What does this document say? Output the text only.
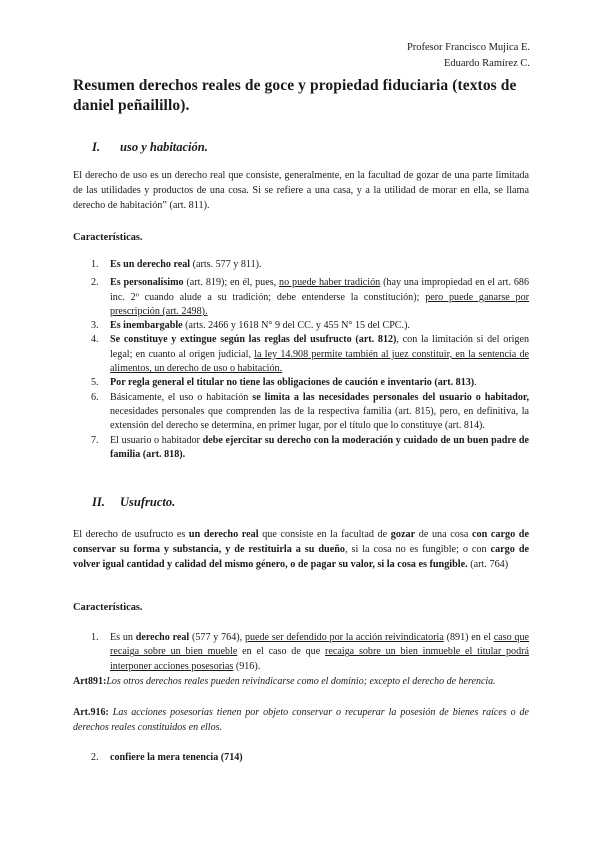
Profesor Francisco Mujica E.
Eduardo Ramírez C.
Resumen derechos reales de goce y propiedad fiduciaria (textos de daniel peñailillo).
I. uso y habitación.

El derecho de uso es un derecho real que consiste, generalmente, en la facultad de gozar de una parte limitada de las utilidades y productos de una cosa. Si se refiere a una casa, y a la utilidad de morar en ella, se llama derecho de habitación” (art. 811).

Características.

1. Es un derecho real (arts. 577 y 811).
2. Es personalísimo (art. 819); en él, pues, no puede haber tradición (hay una impropiedad en el art. 686 inc. 2º cuando alude a su tradición; debe entenderse la constitución); pero puede ganarse por prescripción (art. 2498).
3. Es inembargable (arts. 2466 y 1618 N° 9 del CC. y 455 N° 15 del CPC.).
4. Se constituye y extingue según las reglas del usufructo (art. 812), con la limitación si del origen legal; en cuanto al origen judicial, la ley 14.908 permite también al juez constituir, en la sentencia de alimentos, un derecho de uso o habitación.
5. Por regla general el titular no tiene las obligaciones de caución e inventario (art. 813).
6. Básicamente, el uso o habitación se limita a las necesidades personales del usuario o habitador, necesidades personales que comprenden las de la respectiva familia (art. 815), pero, en definitiva, la extensión del derecho se determina, en primer lugar, por el título que lo constituye (art. 814).
7. El usuario o habitador debe ejercitar su derecho con la moderación y cuidado de un buen padre de familia (art. 818).
II. Usufructo.

El derecho de usufructo es un derecho real que consiste en la facultad de gozar de una cosa con cargo de conservar su forma y substancia, y de restituirla a su dueño, si la cosa no es fungible; o con cargo de volver igual cantidad y calidad del mismo género, o de pagar su valor, si la cosa es fungible. (art. 764)

Características.

1. Es un derecho real (577 y 764), puede ser defendido por la acción reivindicatoria (891) en el caso que recaiga sobre un bien mueble en el caso de que recaiga sobre un bien inmueble el titular podrá interponer acciones posesorias (916).

Art891:Los otros derechos reales pueden reivindicarse como el dominio; excepto el derecho de herencia.

Art.916: Las acciones posesorias tienen por objeto conservar o recuperar la posesión de bienes raíces o de derechos reales constituidos en ellos.

2. confiere la mera tenencia (714)
